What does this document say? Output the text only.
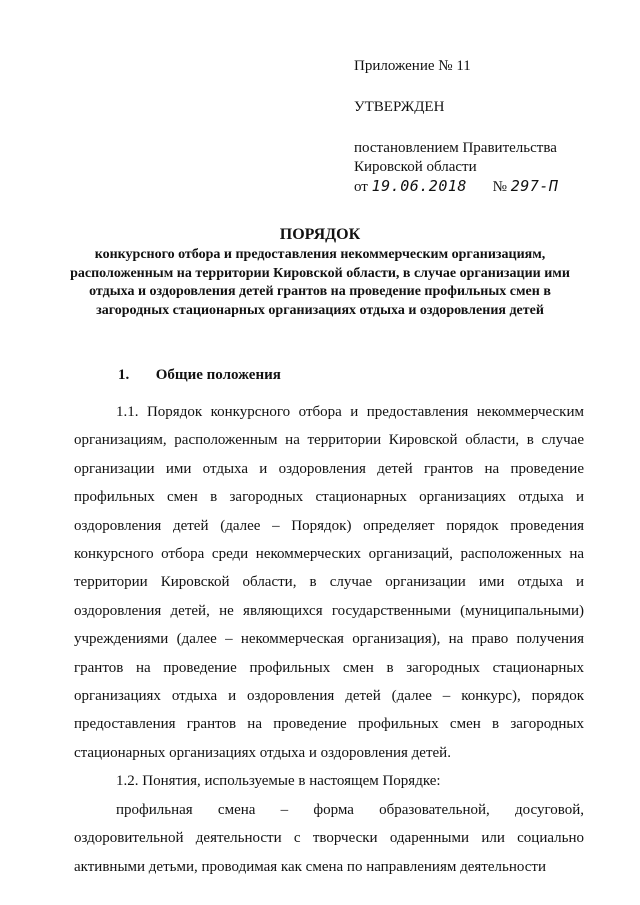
Приложение № 11

УТВЕРЖДЕН

постановлением Правительства
Кировской области
от 19.06.2018 № 297-П

ПОРЯДОК

конкурсного отбора и предоставления некоммерческим организациям, расположенным на территории Кировской области, в случае организации ими отдыха и оздоровления детей грантов на проведение профильных смен в загородных стационарных организациях отдыха и оздоровления детей

1. Общие положения

1.1. Порядок конкурсного отбора и предоставления некоммерческим организациям, расположенным на территории Кировской области, в случае организации ими отдыха и оздоровления детей грантов на проведение профильных смен в загородных стационарных организациях отдыха и оздоровления детей (далее – Порядок) определяет порядок проведения конкурсного отбора среди некоммерческих организаций, расположенных на территории Кировской области, в случае организации ими отдыха и оздоровления детей, не являющихся государственными (муниципальными) учреждениями (далее – некоммерческая организация), на право получения грантов на проведение профильных смен в загородных стационарных организациях отдыха и оздоровления детей (далее – конкурс), порядок предоставления грантов на проведение профильных смен в загородных стационарных организациях отдыха и оздоровления детей.

1.2. Понятия, используемые в настоящем Порядке:

профильная смена – форма образовательной, досуговой, оздоровительной деятельности с творчески одаренными или социально активными детьми, проводимая как смена по направлениям деятельности
